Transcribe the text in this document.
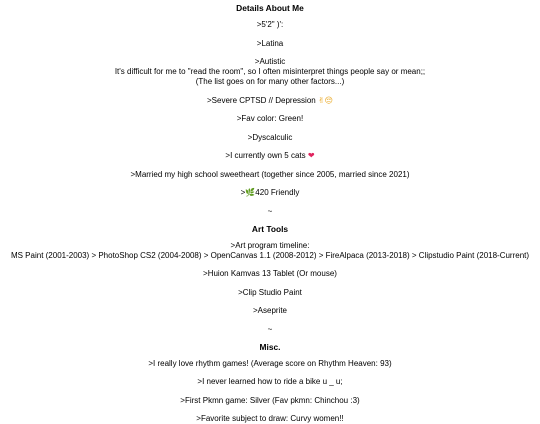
Details About Me

>5'2" )':

>Latina

>Autistic
It's difficult for me to "read the room", so I often misinterpret things people say or mean;;
(The list goes on for many other factors...)

>Severe CPTSD // Depression ✌😔

>Fav color: Green!

>Dyscalculic

>I currently own 5 cats ❤

>Married my high school sweetheart (together since 2005, married since 2021)

>🌿420 Friendly

~

Art Tools

>Art program timeline:
MS Paint (2001-2003) > PhotoShop CS2 (2004-2008) > OpenCanvas 1.1 (2008-2012) > FireAlpaca (2013-2018) > Clipstudio Paint (2018-Current)

>Huion Kamvas 13 Tablet (Or mouse)

>Clip Studio Paint

>Aseprite

~

Misc.

>I really love rhythm games! (Average score on Rhythm Heaven: 93)

>I never learned how to ride a bike u _ u;

>First Pkmn game: Silver (Fav pkmn: Chinchou :3)

>Favorite subject to draw: Curvy women!!
